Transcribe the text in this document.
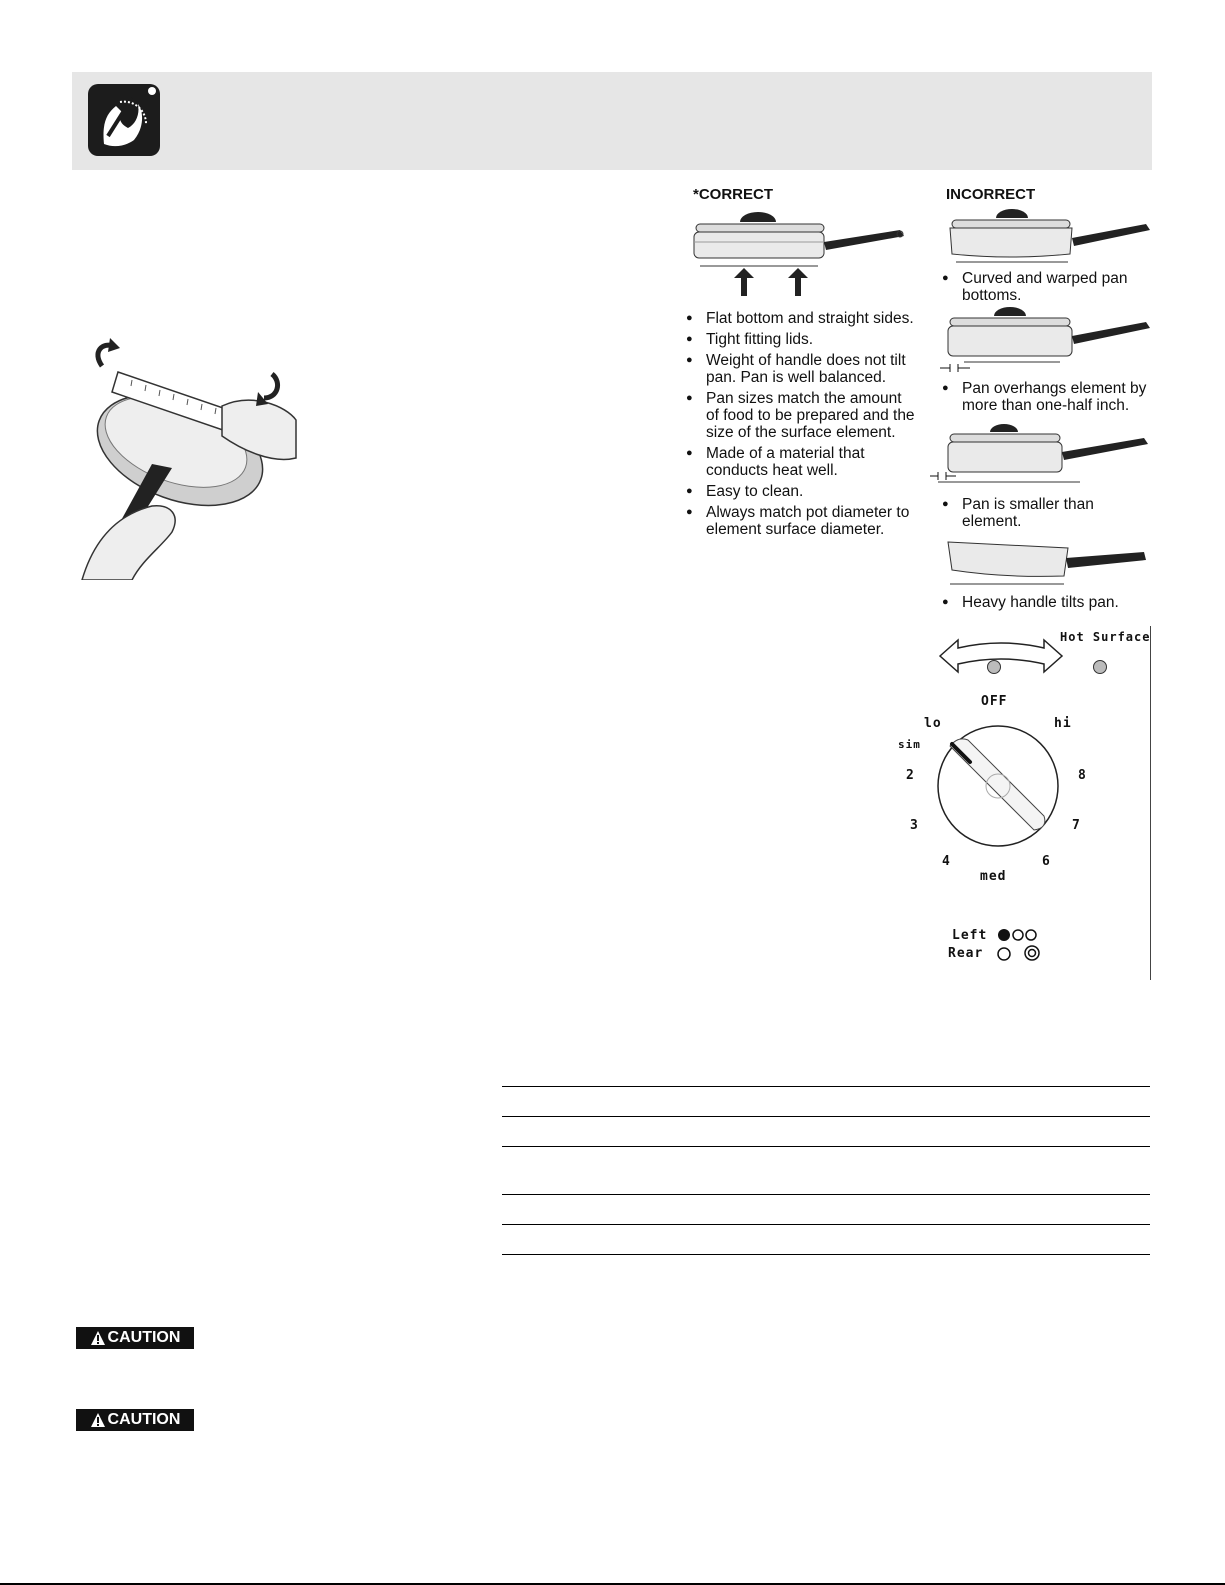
*CORRECT
● Flat bottom and straight sides.
● Tight fitting lids.
● Weight of handle does not tilt pan. Pan is well balanced.
● Pan sizes match the amount of food to be prepared and the size of the surface element.
● Made of a material that conducts heat well.
● Easy to clean.
● Always match pot diameter to element surface diameter.
INCORRECT
● Curved and warped pan bottoms.
● Pan overhangs element by more than one-half inch.
● Pan is smaller than element.
● Heavy handle tilts pan.
Hot Surface
OFF
lo	hi
sim
2
3
4	6
7
8
med
Left
Rear
CAUTION
CAUTION
